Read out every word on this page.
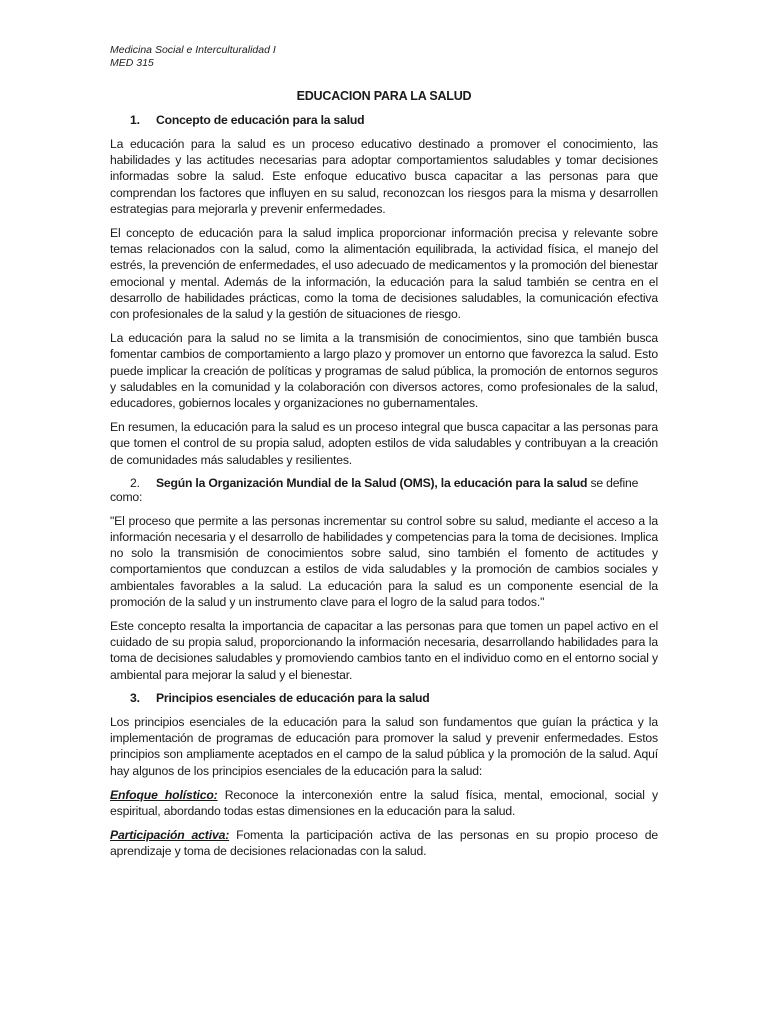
Medicina Social e Interculturalidad I
MED 315
EDUCACION PARA LA SALUD
1. Concepto de educación para la salud

La educación para la salud es un proceso educativo destinado a promover el conocimiento, las habilidades y las actitudes necesarias para adoptar comportamientos saludables y tomar decisiones informadas sobre la salud. Este enfoque educativo busca capacitar a las personas para que comprendan los factores que influyen en su salud, reconozcan los riesgos para la misma y desarrollen estrategias para mejorarla y prevenir enfermedades.

El concepto de educación para la salud implica proporcionar información precisa y relevante sobre temas relacionados con la salud, como la alimentación equilibrada, la actividad física, el manejo del estrés, la prevención de enfermedades, el uso adecuado de medicamentos y la promoción del bienestar emocional y mental. Además de la información, la educación para la salud también se centra en el desarrollo de habilidades prácticas, como la toma de decisiones saludables, la comunicación efectiva con profesionales de la salud y la gestión de situaciones de riesgo.

La educación para la salud no se limita a la transmisión de conocimientos, sino que también busca fomentar cambios de comportamiento a largo plazo y promover un entorno que favorezca la salud. Esto puede implicar la creación de políticas y programas de salud pública, la promoción de entornos seguros y saludables en la comunidad y la colaboración con diversos actores, como profesionales de la salud, educadores, gobiernos locales y organizaciones no gubernamentales.

En resumen, la educación para la salud es un proceso integral que busca capacitar a las personas para que tomen el control de su propia salud, adopten estilos de vida saludables y contribuyan a la creación de comunidades más saludables y resilientes.

2. Según la Organización Mundial de la Salud (OMS), la educación para la salud se define como:

"El proceso que permite a las personas incrementar su control sobre su salud, mediante el acceso a la información necesaria y el desarrollo de habilidades y competencias para la toma de decisiones. Implica no solo la transmisión de conocimientos sobre salud, sino también el fomento de actitudes y comportamientos que conduzcan a estilos de vida saludables y la promoción de cambios sociales y ambientales favorables a la salud. La educación para la salud es un componente esencial de la promoción de la salud y un instrumento clave para el logro de la salud para todos."

Este concepto resalta la importancia de capacitar a las personas para que tomen un papel activo en el cuidado de su propia salud, proporcionando la información necesaria, desarrollando habilidades para la toma de decisiones saludables y promoviendo cambios tanto en el individuo como en el entorno social y ambiental para mejorar la salud y el bienestar.

3. Principios esenciales de educación para la salud

Los principios esenciales de la educación para la salud son fundamentos que guían la práctica y la implementación de programas de educación para promover la salud y prevenir enfermedades. Estos principios son ampliamente aceptados en el campo de la salud pública y la promoción de la salud. Aquí hay algunos de los principios esenciales de la educación para la salud:

Enfoque holístico: Reconoce la interconexión entre la salud física, mental, emocional, social y espiritual, abordando todas estas dimensiones en la educación para la salud.

Participación activa: Fomenta la participación activa de las personas en su propio proceso de aprendizaje y toma de decisiones relacionadas con la salud.
